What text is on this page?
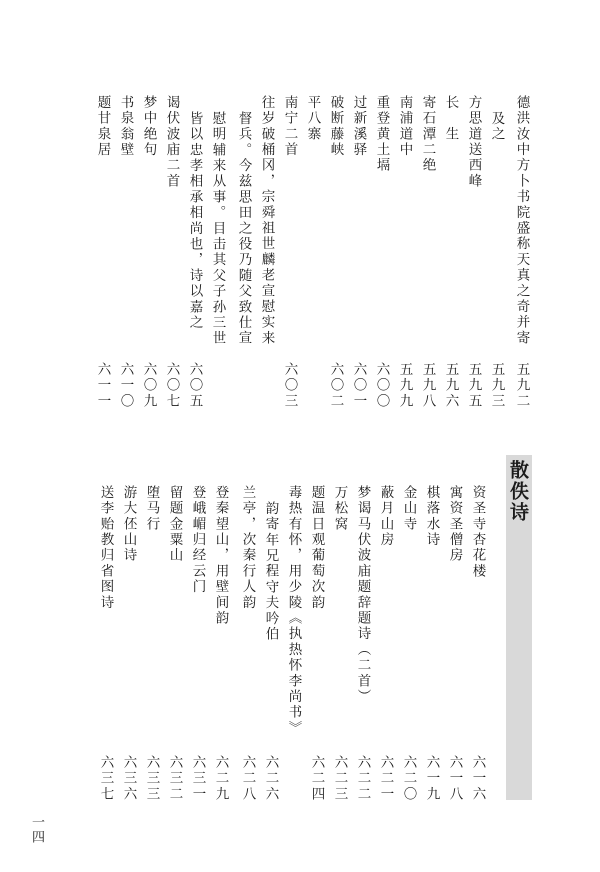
德洪汝中方卜书院盛称天真之奇并寄
及之
方思道送西峰
长　生
寄石潭二绝
南浦道中
重登黄土塥
过新溪驿
破断藤峡
平八寨
南宁二首
往岁破桶冈，宗舜祖世麟老宣慰实来
督兵。今兹思田之役乃随父致仕宣
慰明辅来从事。目击其父子孙三世
皆以忠孝相承相尚也，诗以嘉之
谒伏波庙二首
梦中绝句
书泉翁壁
题甘泉居
五九二
五九三
五九五
五九六
五九八
五九九
六〇〇
六〇一
六〇二
六〇三
六〇五
六〇七
六〇九
六一〇
六一一
散佚诗
资圣寺杏花楼
寓资圣僧房
棋落水诗
金山寺
蔽月山房
梦谒马伏波庙题辞题诗（二首）
万松窝
题温日观葡萄次韵
毒热有怀，用少陵《执热怀李尚书》
韵寄年兄程守夫吟伯
兰亭，次秦行人韵
登秦望山，用壁间韵
登峨嵋归经云门
留题金粟山
堕马行
游大伾山诗
送李贻教归省图诗
六一六
六一八
六一九
六二〇
六二一
六二二
六二三
六二四
六二六
六二八
六二九
六三一
六三二
六三三
六三六
六三七
一四
